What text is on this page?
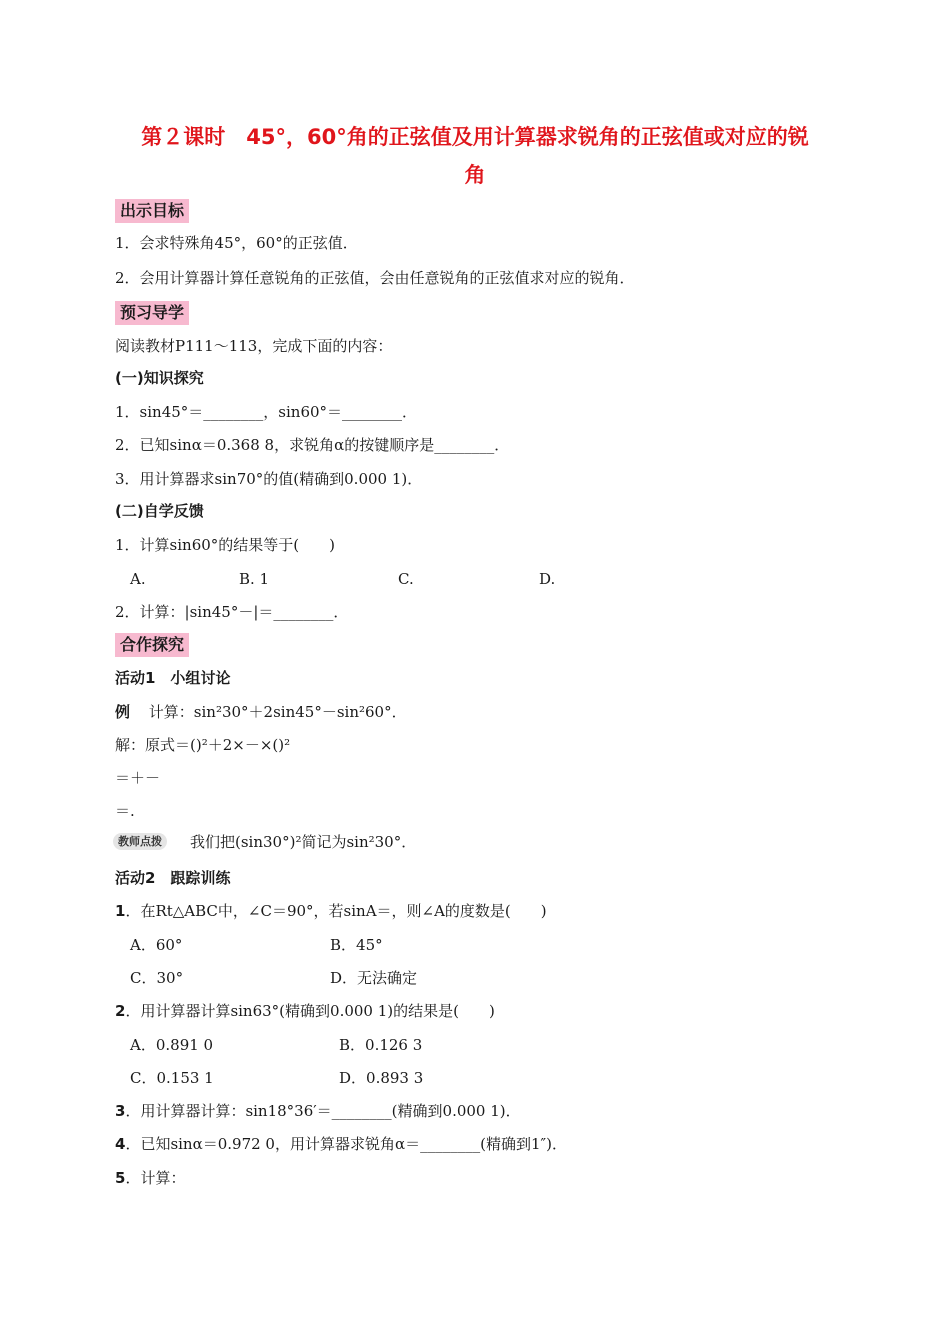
第２课时　45°，60°角的正弦值及用计算器求锐角的正弦值或对应的锐
角
出示目标
1．会求特殊角45°，60°的正弦值．
2．会用计算器计算任意锐角的正弦值，会由任意锐角的正弦值求对应的锐角．
预习导学
阅读教材P111～113，完成下面的内容：
(一)知识探究
1．sin45°＝________，sin60°＝________．
2．已知sinα＝0.368 8，求锐角α的按键顺序是________．
3．用计算器求sin70°的值(精确到0.000 1)．
(二)自学反馈
1．计算sin60°的结果等于(　　)
A.	B. 1	C.	D.
2．计算：|sin45°－|＝________．
合作探究
活动1　小组讨论
例 计算：sin²30°＋2sin45°－sin²60°．
解：原式＝()²＋2×－×()²
＝＋－
＝.
教师点拨	我们把(sin30°)²简记为sin²30°．
活动2　跟踪训练
1．在Rt△ABC中，∠C＝90°，若sinA＝，则∠A的度数是(　　)
A．60°	B．45°
C．30°	D．无法确定
2．用计算器计算sin63°(精确到0.000 1)的结果是(　　)
A．0.891 0	B．0.126 3
C．0.153 1	D．0.893 3
3．用计算器计算：sin18°36′＝________(精确到0.000 1)．
4．已知sinα＝0.972 0，用计算器求锐角α＝________(精确到1″)．
5．计算：
